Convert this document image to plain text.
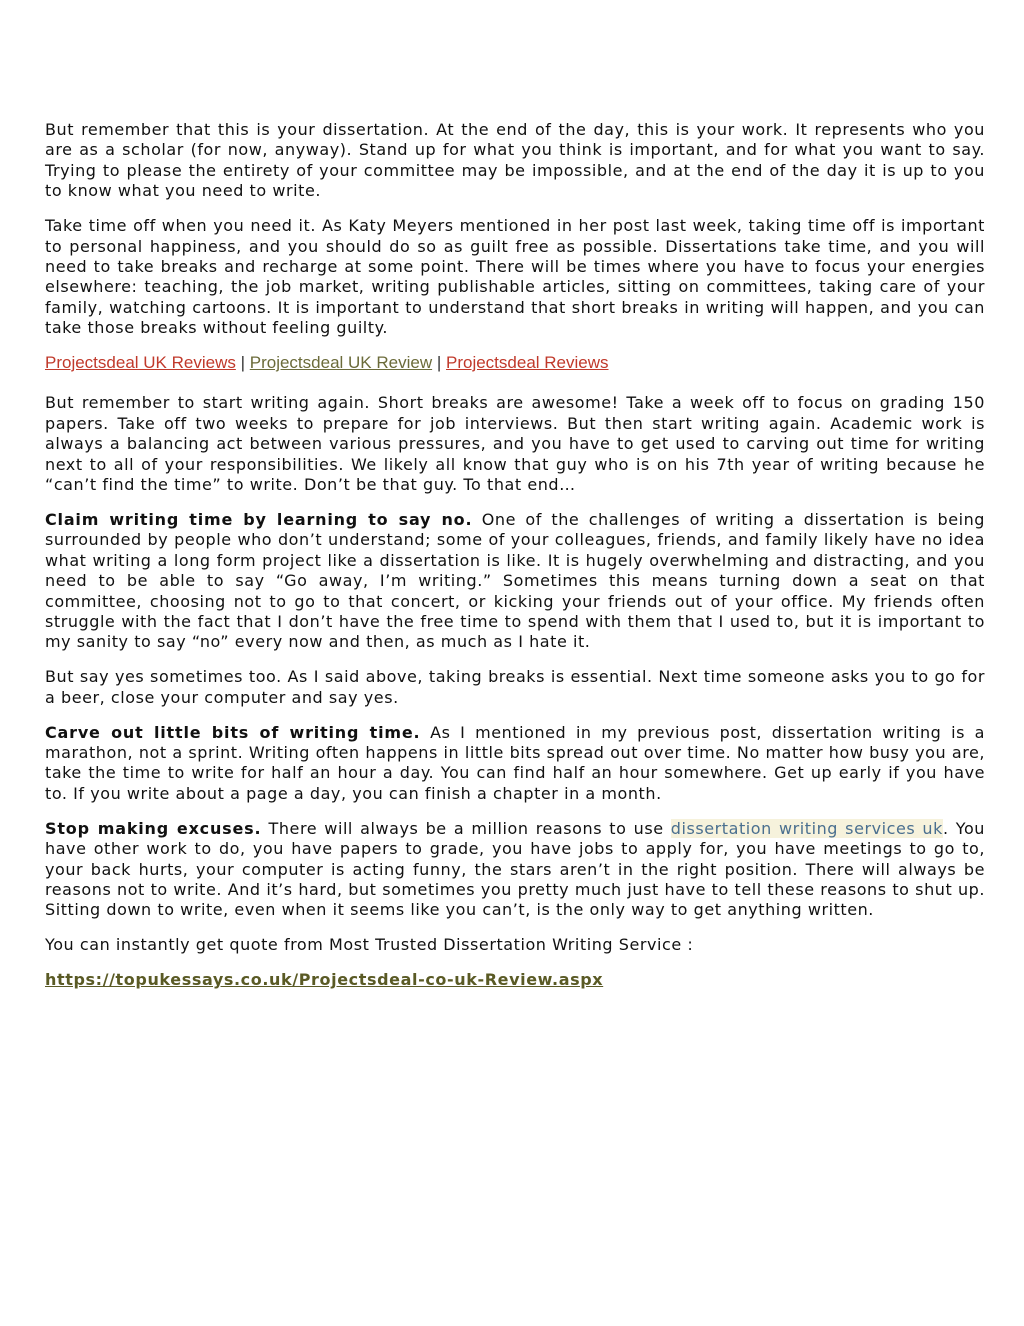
But remember that this is your dissertation. At the end of the day, this is your work. It represents who you are as a scholar (for now, anyway). Stand up for what you think is important, and for what you want to say. Trying to please the entirety of your committee may be impossible, and at the end of the day it is up to you to know what you need to write.

Take time off when you need it. As Katy Meyers mentioned in her post last week, taking time off is important to personal happiness, and you should do so as guilt free as possible. Dissertations take time, and you will need to take breaks and recharge at some point. There will be times where you have to focus your energies elsewhere: teaching, the job market, writing publishable articles, sitting on committees, taking care of your family, watching cartoons. It is important to understand that short breaks in writing will happen, and you can take those breaks without feeling guilty.

Projectsdeal UK Reviews | Projectsdeal UK Review | Projectsdeal Reviews

But remember to start writing again. Short breaks are awesome! Take a week off to focus on grading 150 papers. Take off two weeks to prepare for job interviews. But then start writing again. Academic work is always a balancing act between various pressures, and you have to get used to carving out time for writing next to all of your responsibilities. We likely all know that guy who is on his 7th year of writing because he “can’t find the time” to write. Don’t be that guy. To that end…

Claim writing time by learning to say no. One of the challenges of writing a dissertation is being surrounded by people who don’t understand; some of your colleagues, friends, and family likely have no idea what writing a long form project like a dissertation is like. It is hugely overwhelming and distracting, and you need to be able to say “Go away, I’m writing.” Sometimes this means turning down a seat on that committee, choosing not to go to that concert, or kicking your friends out of your office. My friends often struggle with the fact that I don’t have the free time to spend with them that I used to, but it is important to my sanity to say “no” every now and then, as much as I hate it.

But say yes sometimes too. As I said above, taking breaks is essential. Next time someone asks you to go for a beer, close your computer and say yes.

Carve out little bits of writing time. As I mentioned in my previous post, dissertation writing is a marathon, not a sprint. Writing often happens in little bits spread out over time. No matter how busy you are, take the time to write for half an hour a day. You can find half an hour somewhere. Get up early if you have to. If you write about a page a day, you can finish a chapter in a month.

Stop making excuses. There will always be a million reasons to use dissertation writing services uk. You have other work to do, you have papers to grade, you have jobs to apply for, you have meetings to go to, your back hurts, your computer is acting funny, the stars aren’t in the right position. There will always be reasons not to write. And it’s hard, but sometimes you pretty much just have to tell these reasons to shut up. Sitting down to write, even when it seems like you can’t, is the only way to get anything written.

You can instantly get quote from Most Trusted Dissertation Writing Service :

https://topukessays.co.uk/Projectsdeal-co-uk-Review.aspx
